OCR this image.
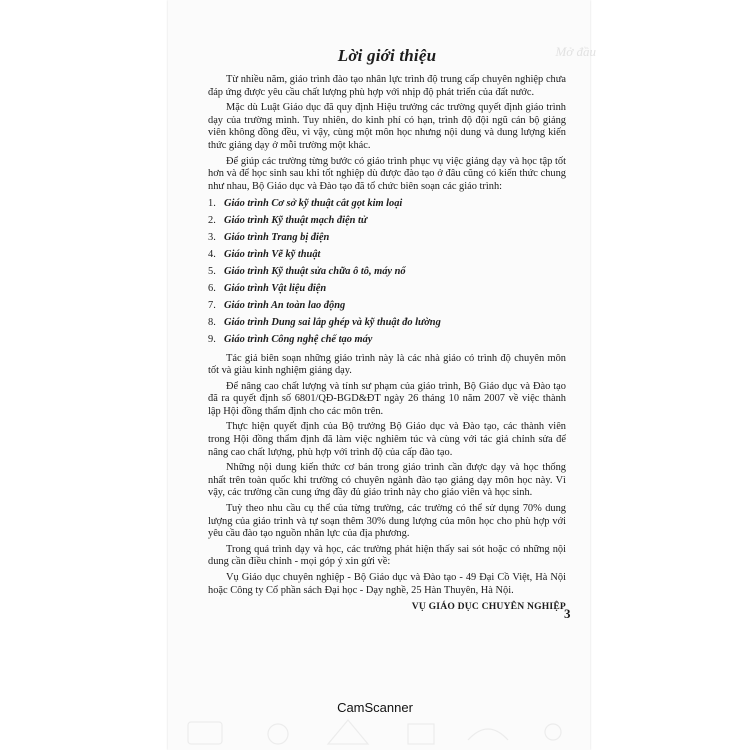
Mở đầu
Lời giới thiệu

Từ nhiều năm, giáo trình đào tạo nhân lực trình độ trung cấp chuyên nghiệp chưa đáp ứng được yêu cầu chất lượng phù hợp với nhịp độ phát triển của đất nước.

Mặc dù Luật Giáo dục đã quy định Hiệu trưởng các trường quyết định giáo trình dạy của trường mình. Tuy nhiên, do kinh phí có hạn, trình độ đội ngũ cán bộ giảng viên không đồng đều, vì vậy, cùng một môn học nhưng nội dung và dung lượng kiến thức giảng dạy ở mỗi trường một khác.

Để giúp các trường từng bước có giáo trình phục vụ việc giảng dạy và học tập tốt hơn và để học sinh sau khi tốt nghiệp dù được đào tạo ở đâu cũng có kiến thức chung như nhau, Bộ Giáo dục và Đào tạo đã tổ chức biên soạn các giáo trình:

1. Giáo trình Cơ sở kỹ thuật cắt gọt kim loại
2. Giáo trình Kỹ thuật mạch điện tử
3. Giáo trình Trang bị điện
4. Giáo trình Vẽ kỹ thuật
5. Giáo trình Kỹ thuật sửa chữa ô tô, máy nổ
6. Giáo trình Vật liệu điện
7. Giáo trình An toàn lao động
8. Giáo trình Dung sai lắp ghép và kỹ thuật đo lường
9. Giáo trình Công nghệ chế tạo máy

Tác giả biên soạn những giáo trình này là các nhà giáo có trình độ chuyên môn tốt và giàu kinh nghiệm giảng dạy.

Để nâng cao chất lượng và tính sư phạm của giáo trình, Bộ Giáo dục và Đào tạo đã ra quyết định số 6801/QĐ-BGD&ĐT ngày 26 tháng 10 năm 2007 về việc thành lập Hội đồng thẩm định cho các môn trên.

Thực hiện quyết định của Bộ trưởng Bộ Giáo dục và Đào tạo, các thành viên trong Hội đồng thẩm định đã làm việc nghiêm túc và cùng với tác giả chỉnh sửa để nâng cao chất lượng, phù hợp với trình độ của cấp đào tạo.

Những nội dung kiến thức cơ bản trong giáo trình cần được dạy và học thống nhất trên toàn quốc khi trường có chuyên ngành đào tạo giảng dạy môn học này. Vì vậy, các trường cần cung ứng đầy đủ giáo trình này cho giáo viên và học sinh.

Tuỳ theo nhu cầu cụ thể của từng trường, các trường có thể sử dụng 70% dung lượng của giáo trình và tự soạn thêm 30% dung lượng của môn học cho phù hợp với yêu cầu đào tạo nguồn nhân lực của địa phương.

Trong quá trình dạy và học, các trường phát hiện thấy sai sót hoặc có những nội dung cần điều chỉnh - mọi góp ý xin gửi về:

Vụ Giáo dục chuyên nghiệp - Bộ Giáo dục và Đào tạo - 49 Đại Cồ Việt, Hà Nội hoặc Công ty Cổ phần sách Đại học - Dạy nghề, 25 Hàn Thuyên, Hà Nội.

VỤ GIÁO DỤC CHUYÊN NGHIỆP
3
CamScanner
